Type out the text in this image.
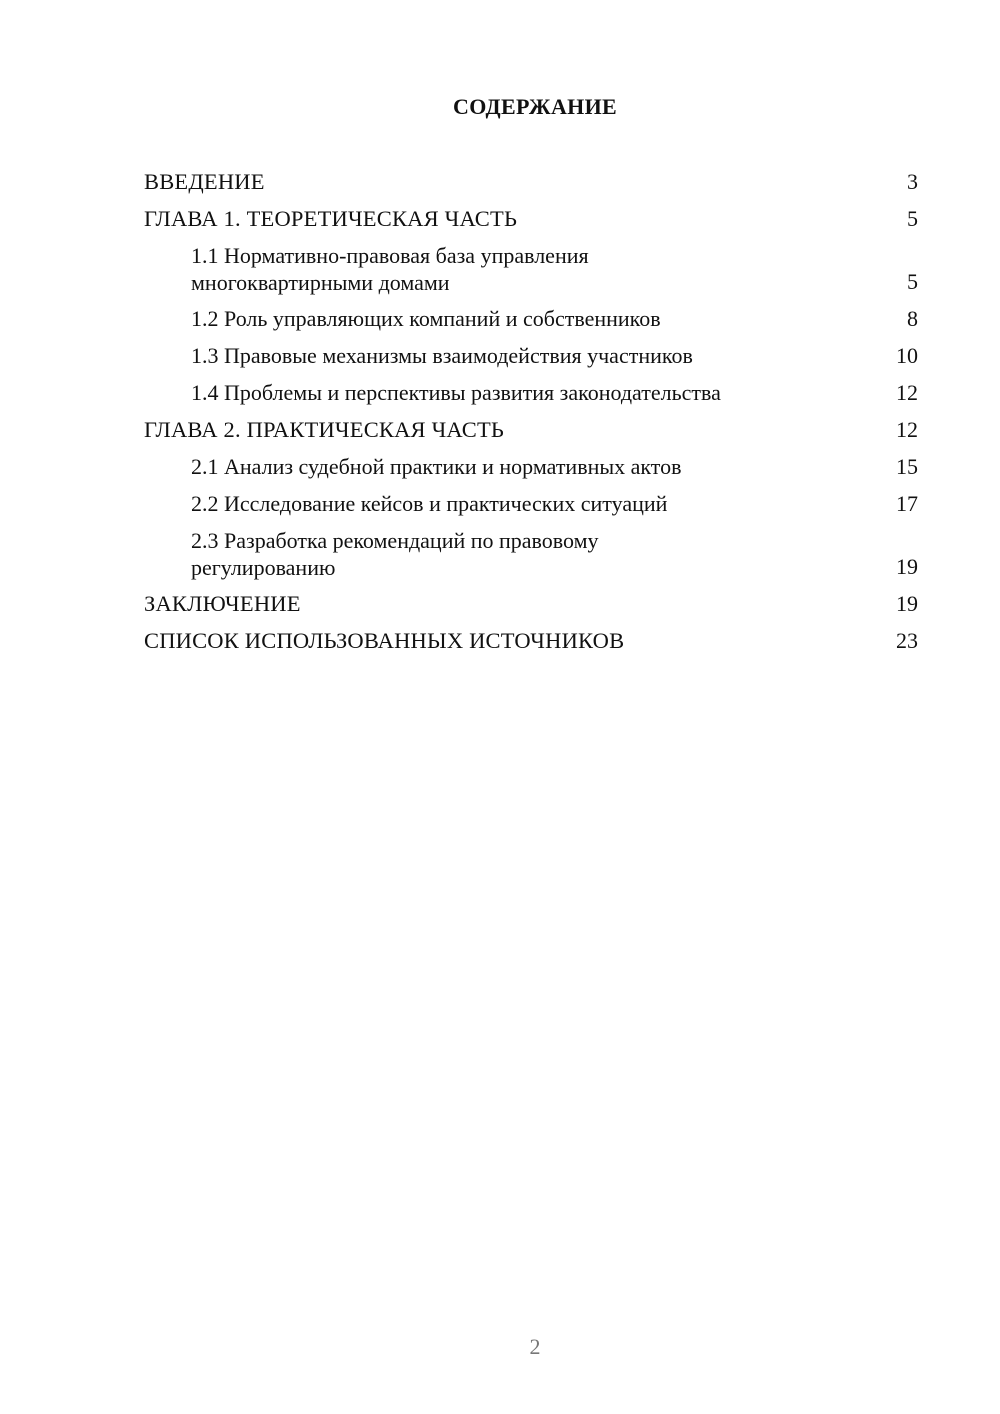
СОДЕРЖАНИЕ
ВВЕДЕНИЕ	3
ГЛАВА 1. ТЕОРЕТИЧЕСКАЯ ЧАСТЬ	5
1.1 Нормативно-правовая база управления
многоквартирными домами	5
1.2 Роль управляющих компаний и собственников	8
1.3 Правовые механизмы взаимодействия участников	10
1.4 Проблемы и перспективы развития законодательства	12
ГЛАВА 2. ПРАКТИЧЕСКАЯ ЧАСТЬ	12
2.1 Анализ судебной практики и нормативных актов	15
2.2 Исследование кейсов и практических ситуаций	17
2.3 Разработка рекомендаций по правовому
регулированию	19
ЗАКЛЮЧЕНИЕ	19
СПИСОК ИСПОЛЬЗОВАННЫХ ИСТОЧНИКОВ	23
2
